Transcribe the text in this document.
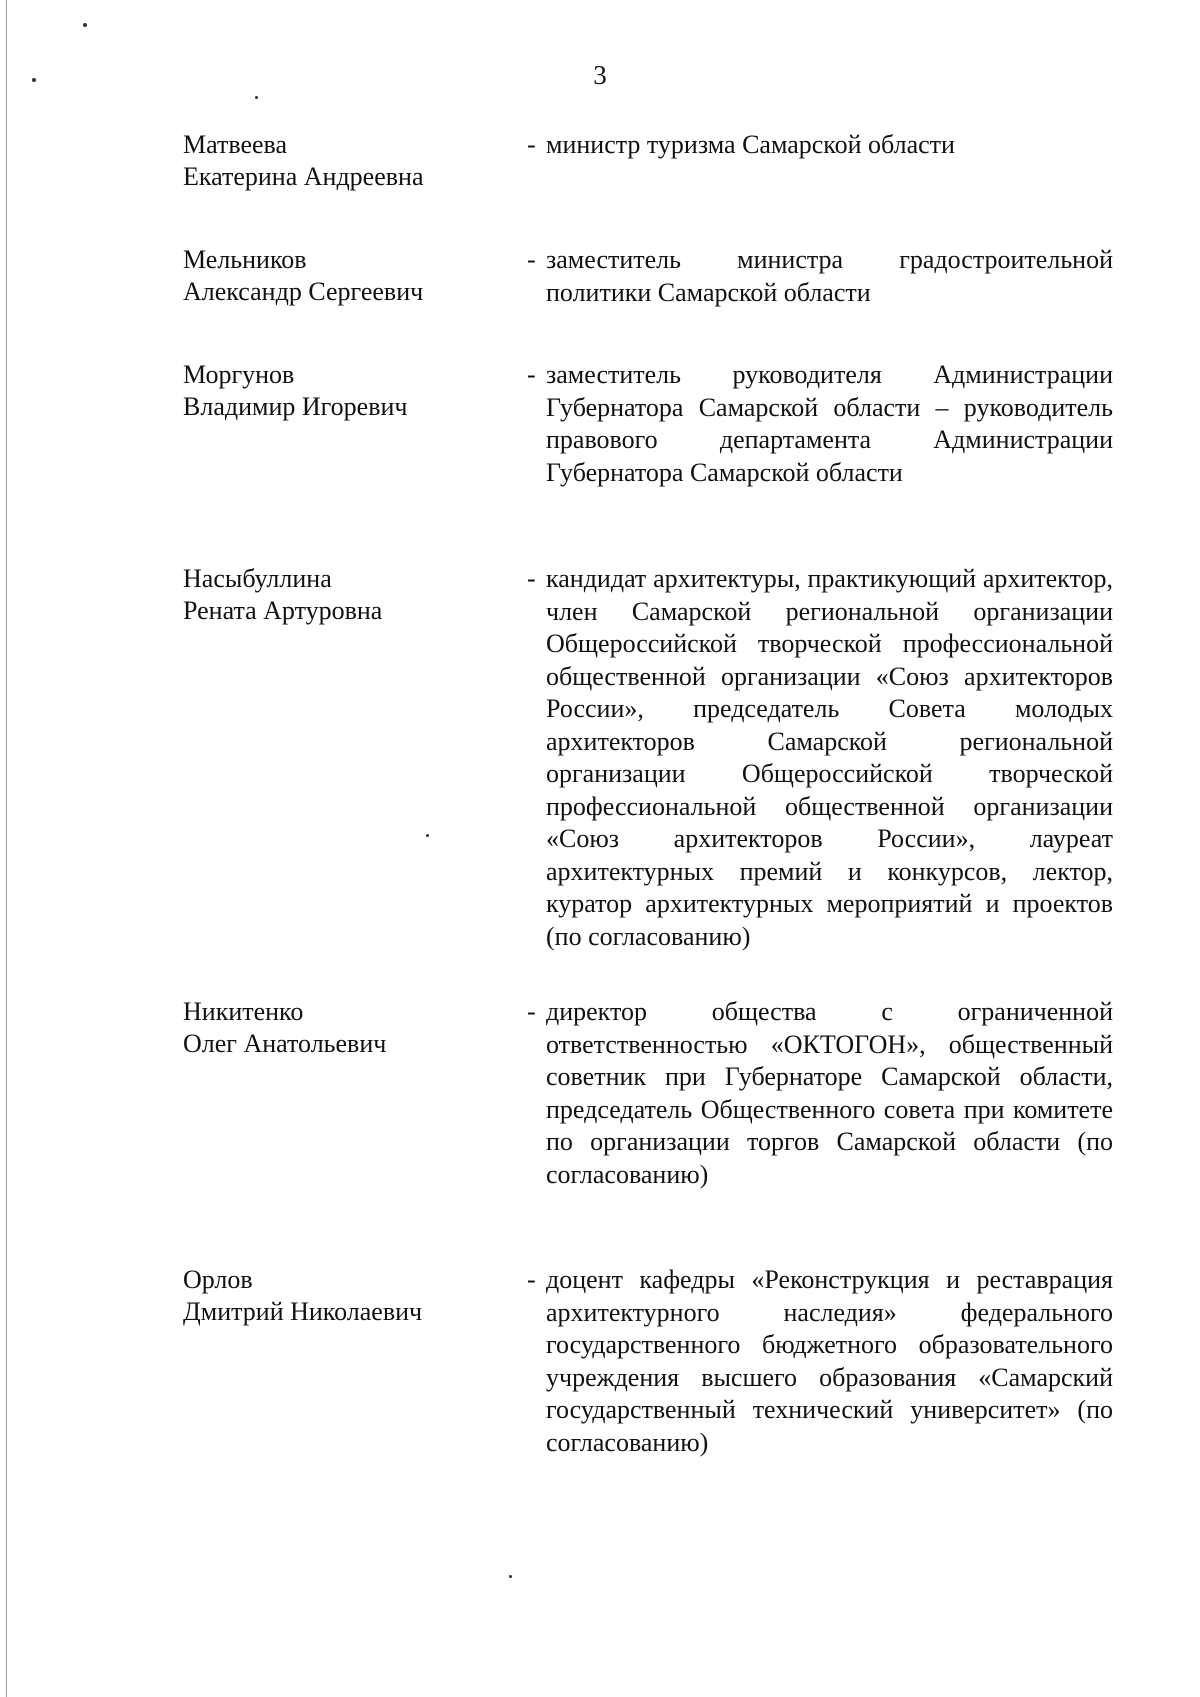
3
Матвеева
Екатерина Андреевна
- министр туризма Самарской области
Мельников
Александр Сергеевич
- заместитель министра градостроительной политики Самарской области
Моргунов
Владимир Игоревич
- заместитель руководителя Администрации Губернатора Самарской области – руководитель правового департамента Администрации Губернатора Самарской области
Насыбуллина
Рената Артуровна
- кандидат архитектуры, практикующий архитектор, член Самарской региональной организации Общероссийской творческой профессиональной общественной организации «Союз архитекторов России», председатель Совета молодых архитекторов Самарской региональной организации Общероссийской творческой профессиональной общественной организации «Союз архитекторов России», лауреат архитектурных премий и конкурсов, лектор, куратор архитектурных мероприятий и проектов (по согласованию)
Никитенко
Олег Анатольевич
- директор общества с ограниченной ответственностью «ОКТОГОН», общественный советник при Губернаторе Самарской области, председатель Общественного совета при комитете по организации торгов Самарской области (по согласованию)
Орлов
Дмитрий Николаевич
- доцент кафедры «Реконструкция и реставрация архитектурного наследия» федерального государственного бюджетного образовательного учреждения высшего образования «Самарский государственный технический университет» (по согласованию)
